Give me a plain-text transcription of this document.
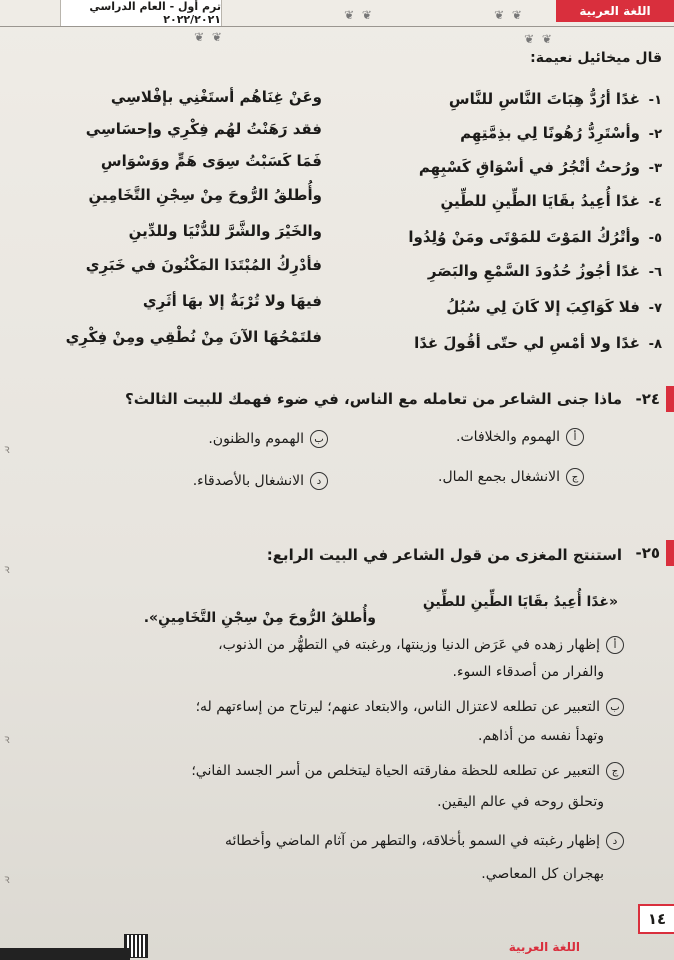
اللغة العربية
ترم أول - العام الدراسي ٢٠٢٢/٢٠٢١	❦ ❦
❦ ❦
❦ ❦	❦ ❦
قال ميخائيل نعيمة:
١-غدًا أرُدُّ هِبَاتَ النَّاسِ للنَّاسِ
وعَنْ غِنَاهُم أستَغْنِي بإفْلاسِي
٢-وأسْتَرِدُّ رُهُونًا لِي بذِمَّتِهِم
فقد رَهَنْتُ لهُم فِكْرِي وإحسَاسِي
٣-ورُحتُ أتْجُرُ في أسْوَاقِ كَسْبِهِم
فَمَا كَسَبْتُ سِوَى هَمٍّ ووَسْوَاسِ
٤-غدًا أُعِيدُ بقَايَا الطِّينِ للطِّينِ
وأُطلقُ الرُّوحَ مِنْ سِجْنِ التَّخَامِينِ
٥-وأتْرُكُ المَوْتَ للمَوْتَى ومَنْ وُلِدُوا
والخَيْرَ والشَّرَّ للدُّنْيَا وللدِّينِ
٦-غدًا أجُوزُ حُدُودَ السَّمْعِ والبَصَرِ
فأدْرِكُ المُبْتَدَا المَكْنُونَ في خَبَرِي
٧-فلا كَوَاكِبَ إلا كَانَ لِي سُبُلُ
فيهَا ولا تُرْبَةٌ إلا بهَا أثَرِي
٨-غدًا ولا أمْسِ لي حتّى أقُولَ غدًا
فلتَمْحُهَا الآنَ مِنْ نُطْقِي ومِنْ فِكْرِي
٢٤-
ماذا جنى الشاعر من تعامله مع الناس، في ضوء فهمك للبيت الثالث؟
أ
الهموم والخلافات.
ب
الهموم والظنون.
ج
الانشغال بجمع المال.
د
الانشغال بالأصدقاء.
٢٥-
استنتج المغزى من قول الشاعر في البيت الرابع:
«غدًا أُعِيدُ بقَايَا الطِّينِ للطِّينِ
وأُطلقُ الرُّوحَ مِنْ سِجْنِ التَّخَامِينِ».
أ
إظهار زهده في عَرَض الدنيا وزينتها، ورغبته في التطهُّر من الذنوب،
والفرار من أصدقاء السوء.
ب
التعبير عن تطلعه لاعتزال الناس، والابتعاد عنهم؛ ليرتاح من إساءتهم له؛
وتهدأ نفسه من أذاهم.
ج
التعبير عن تطلعه للحظة مفارقته الحياة ليتخلص من أسر الجسد الفاني؛
وتحلق روحه في عالم اليقين.
د
إظهار رغبته في السمو بأخلاقه، والتطهر من آثام الماضي وأخطائه
بهجران كل المعاصي.
ꝛ
ꝛ
ꝛ
ꝛ
١٤
اللغة العربية
